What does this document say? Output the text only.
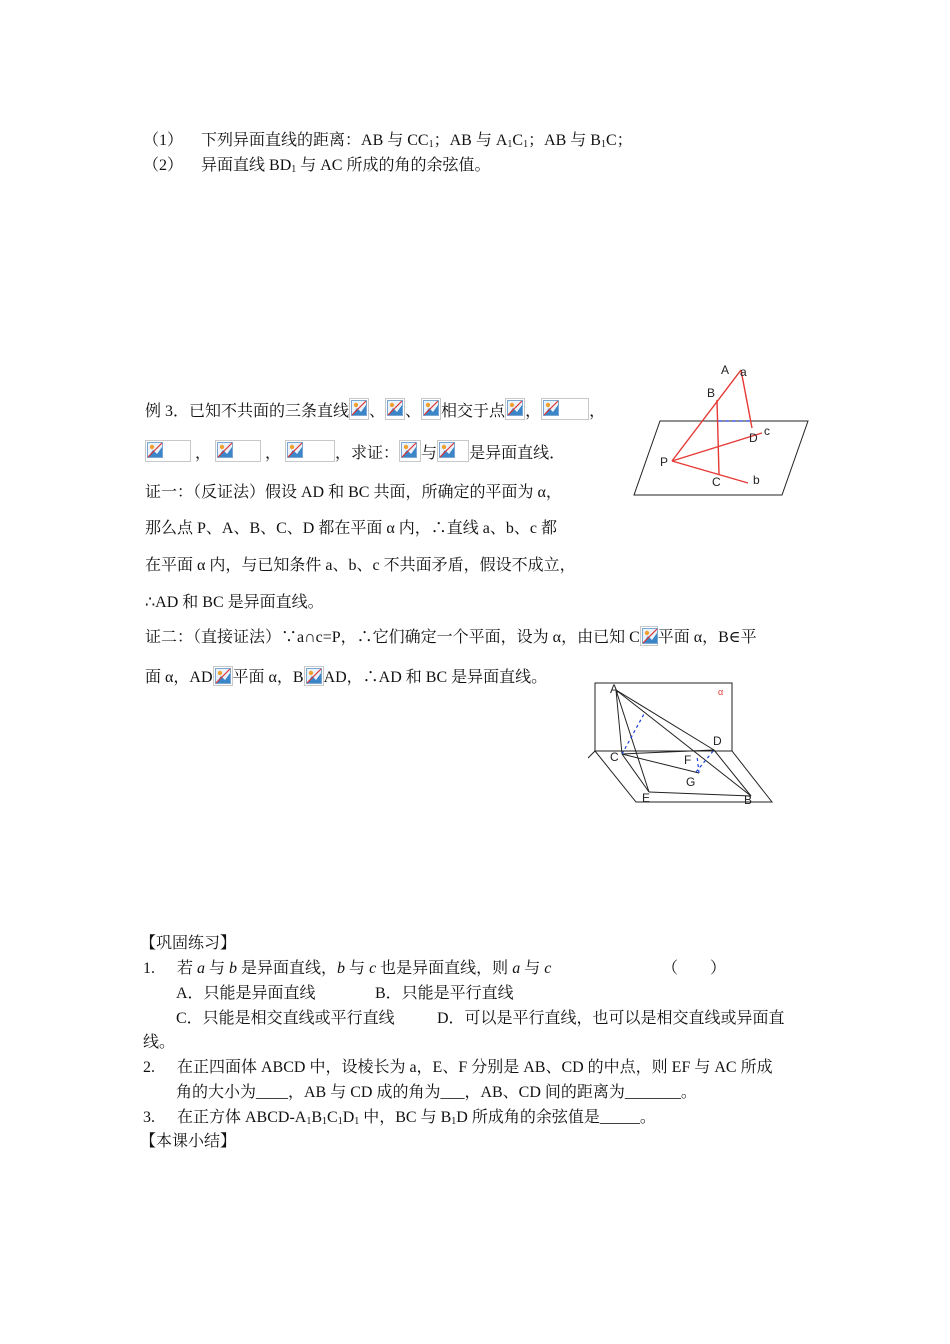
（1） 下列异面直线的距离：AB 与 $CC_1$；AB 与 $A_1C_1$；AB 与 $B_1C$；
（2） 异面直线 $BD_1$ 与 AC 所成的角的余弦值。
例 3．已知不共面的三条直线 、 、 相交于点 ，	，
，	，	，求证： 与 是异面直线．
证一：（反证法）假设 AD 和 BC 共面，所确定的平面为 α，
那么点 P、A、B、C、D 都在平面 α 内，∴直线 a、b、c 都
在平面 α 内，与已知条件 a、b、c 不共面矛盾，假设不成立，
∴AD 和 BC 是异面直线。
证二：（直接证法）∵a∩c=P，∴它们确定一个平面，设为 α，由已知 C 平面 α，B∈平
面 α，AD 平面 α，B AD，∴AD 和 BC 是异面直线。
A a
B
c
D
P
C	b
A	α
D
C	F
G
E	B
【巩固练习】
1. 若 a 与 b 是异面直线，b 与 c 也是异面直线，则 a 与 c	（　　）
A．只能是异面直线	B．只能是平行直线
C．只能是相交直线或平行直线	D．可以是平行直线，也可以是相交直线或异面直
线。
2. 在正四面体 ABCD 中，设棱长为 a，E、F 分别是 AB、CD 的中点，则 EF 与 AC 所成
角的大小为____，AB 与 CD 成的角为___，AB、CD 间的距离为_______。
3. 在正方体 ABCD-$A_1B_1C_1D_1$ 中，BC 与 $B_1D$ 所成角的余弦值是_____。
【本课小结】
